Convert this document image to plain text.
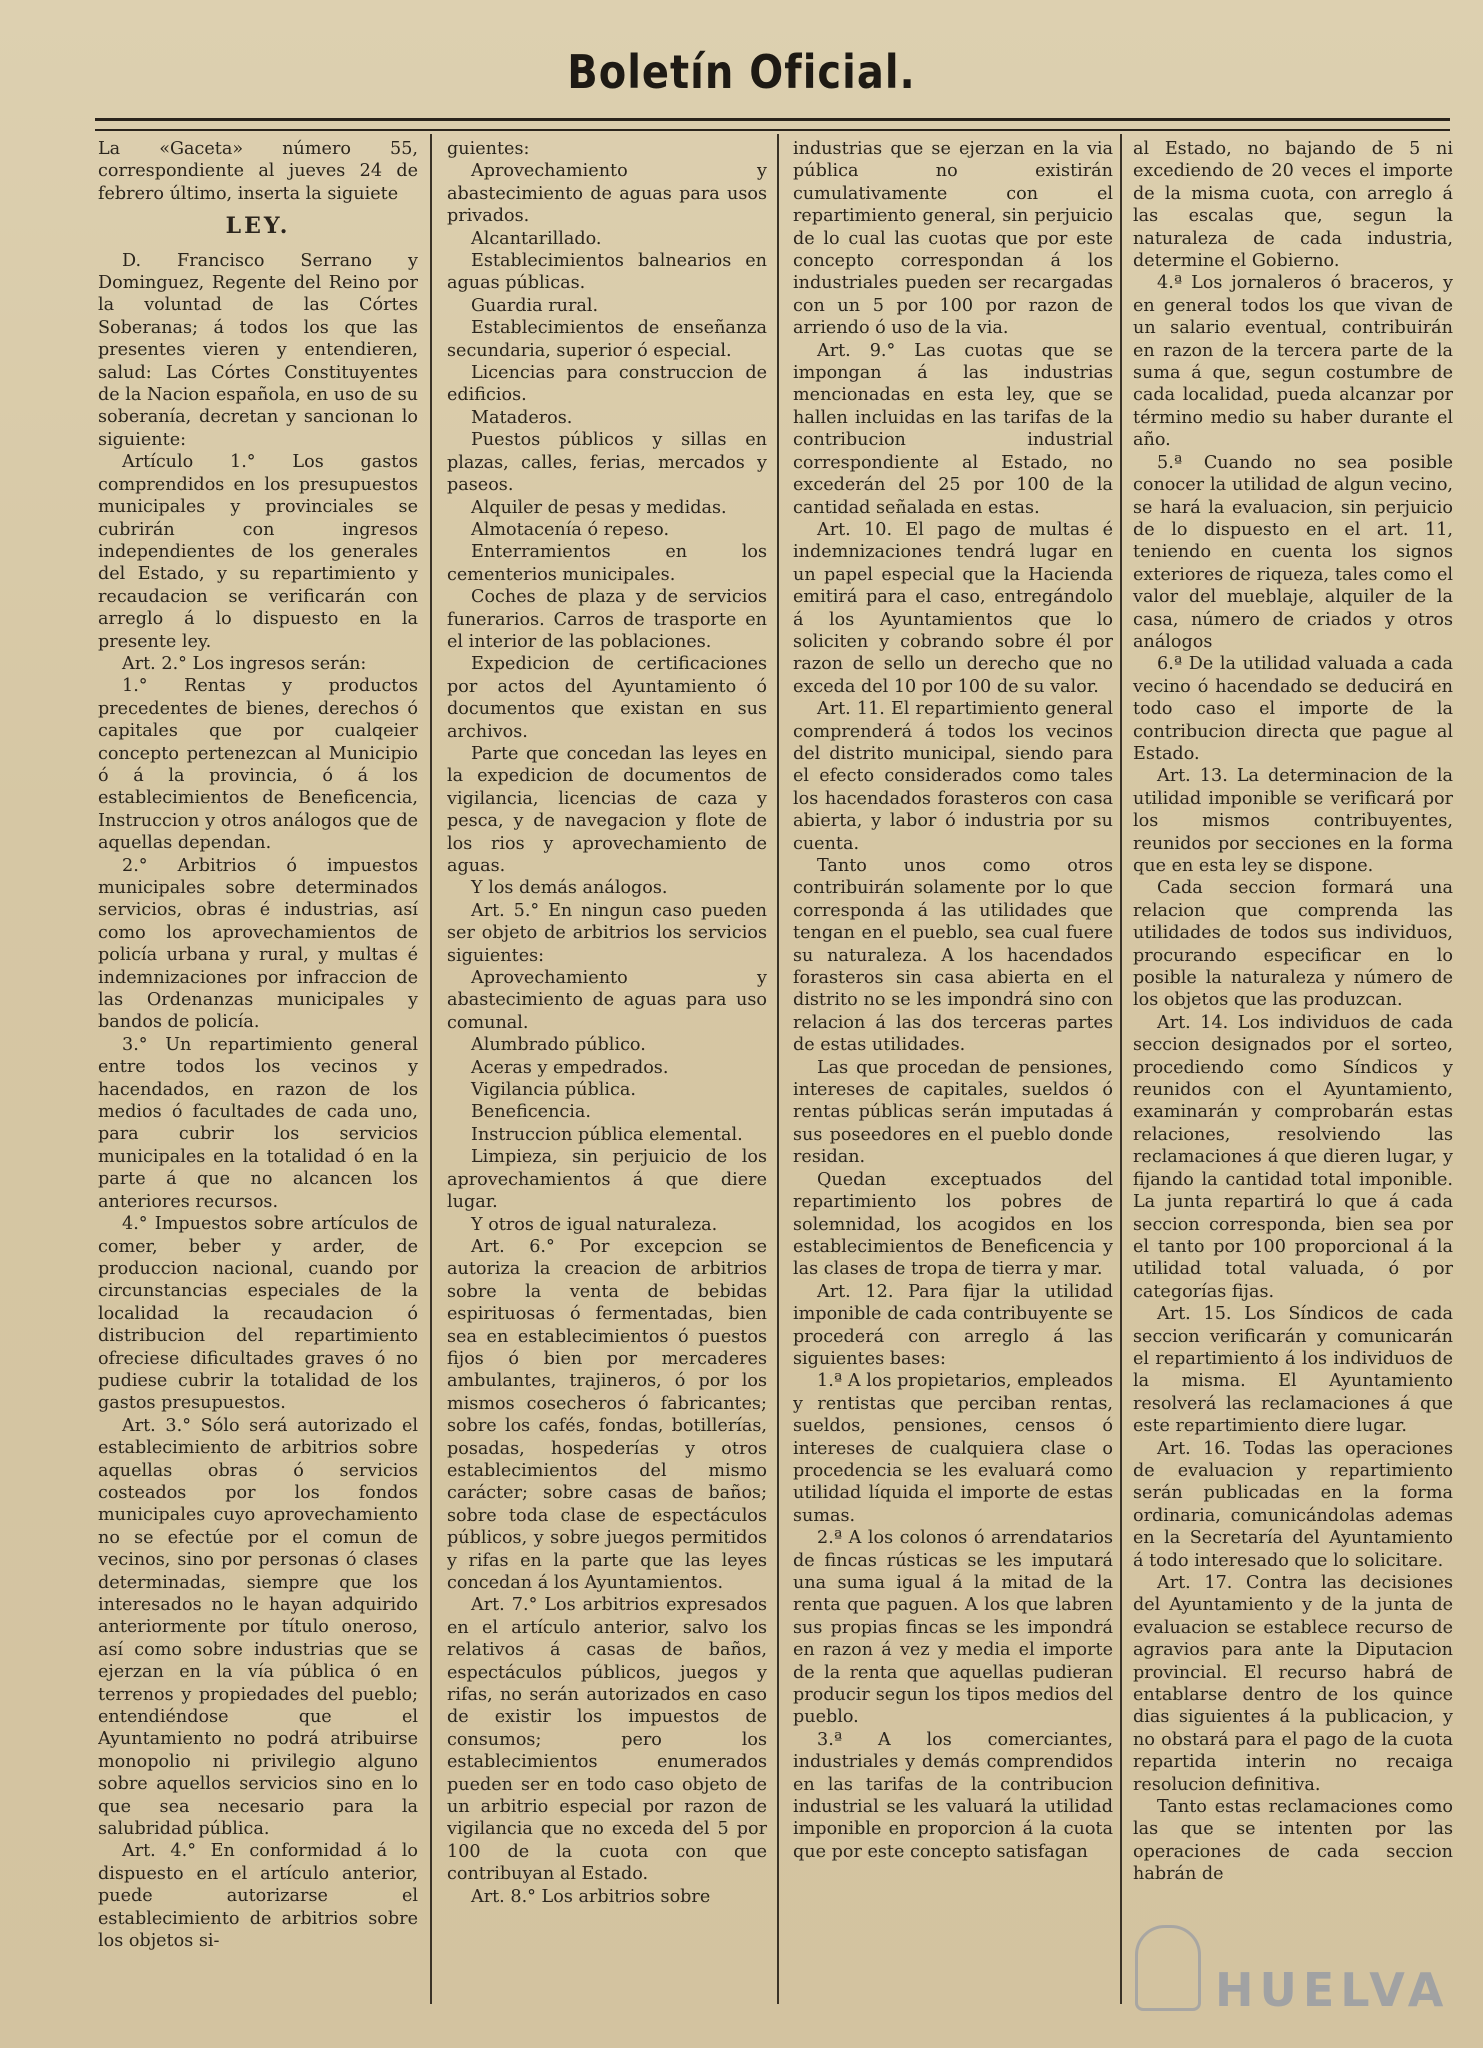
Boletín Oficial.

La «Gaceta» número 55, correspondiente al jueves 24 de febrero último, inserta la siguiete

LEY.

D. Francisco Serrano y Dominguez, Regente del Reino por la voluntad de las Córtes Soberanas; á todos los que las presentes vieren y entendieren, salud: Las Córtes Constituyentes de la Nacion española, en uso de su soberanía, decretan y sancionan lo siguiente:

Artículo 1.° Los gastos comprendidos en los presupuestos municipales y provinciales se cubrirán con ingresos independientes de los generales del Estado, y su repartimiento y recaudacion se verificarán con arreglo á lo dispuesto en la presente ley.

Art. 2.° Los ingresos serán:

1.° Rentas y productos precedentes de bienes, derechos ó capitales que por cualqeier concepto pertenezcan al Municipio ó á la provincia, ó á los establecimientos de Beneficencia, Instruccion y otros análogos que de aquellas dependan.

2.° Arbitrios ó impuestos municipales sobre determinados servicios, obras é industrias, así como los aprovechamientos de policía urbana y rural, y multas é indemnizaciones por infraccion de las Ordenanzas municipales y bandos de policía.

3.° Un repartimiento general entre todos los vecinos y hacendados, en razon de los medios ó facultades de cada uno, para cubrir los servicios municipales en la totalidad ó en la parte á que no alcancen los anteriores recursos.

4.° Impuestos sobre artículos de comer, beber y arder, de produccion nacional, cuando por circunstancias especiales de la localidad la recaudacion ó distribucion del repartimiento ofreciese dificultades graves ó no pudiese cubrir la totalidad de los gastos presupuestos.

Art. 3.° Sólo será autorizado el establecimiento de arbitrios sobre aquellas obras ó servicios costeados por los fondos municipales cuyo aprovechamiento no se efectúe por el comun de vecinos, sino por personas ó clases determinadas, siempre que los interesados no le hayan adquirido anteriormente por título oneroso, así como sobre industrias que se ejerzan en la vía pública ó en terrenos y propiedades del pueblo; entendiéndose que el Ayuntamiento no podrá atribuirse monopolio ni privilegio alguno sobre aquellos servicios sino en lo que sea necesario para la salubridad pública.

Art. 4.° En conformidad á lo dispuesto en el artículo anterior, puede autorizarse el establecimiento de arbitrios sobre los objetos si-

guientes:

Aprovechamiento y abastecimiento de aguas para usos privados.

Alcantarillado.

Establecimientos balnearios en aguas públicas.

Guardia rural.

Establecimientos de enseñanza secundaria, superior ó especial.

Licencias para construccion de edificios.

Mataderos.

Puestos públicos y sillas en plazas, calles, ferias, mercados y paseos.

Alquiler de pesas y medidas.

Almotacenía ó repeso.

Enterramientos en los cementerios municipales.

Coches de plaza y de servicios funerarios. Carros de trasporte en el interior de las poblaciones.

Expedicion de certificaciones por actos del Ayuntamiento ó documentos que existan en sus archivos.

Parte que concedan las leyes en la expedicion de documentos de vigilancia, licencias de caza y pesca, y de navegacion y flote de los rios y aprovechamiento de aguas.

Y los demás análogos.

Art. 5.° En ningun caso pueden ser objeto de arbitrios los servicios siguientes:

Aprovechamiento y abastecimiento de aguas para uso comunal.

Alumbrado público.

Aceras y empedrados.

Vigilancia pública.

Beneficencia.

Instruccion pública elemental.

Limpieza, sin perjuicio de los aprovechamientos á que diere lugar.

Y otros de igual naturaleza.

Art. 6.° Por excepcion se autoriza la creacion de arbitrios sobre la venta de bebidas espirituosas ó fermentadas, bien sea en establecimientos ó puestos fijos ó bien por mercaderes ambulantes, trajineros, ó por los mismos cosecheros ó fabricantes; sobre los cafés, fondas, botillerías, posadas, hospederías y otros establecimientos del mismo carácter; sobre casas de baños; sobre toda clase de espectáculos públicos, y sobre juegos permitidos y rifas en la parte que las leyes concedan á los Ayuntamientos.

Art. 7.° Los arbitrios expresados en el artículo anterior, salvo los relativos á casas de baños, espectáculos públicos, juegos y rifas, no serán autorizados en caso de existir los impuestos de consumos; pero los establecimientos enumerados pueden ser en todo caso objeto de un arbitrio especial por razon de vigilancia que no exceda del 5 por 100 de la cuota con que contribuyan al Estado.

Art. 8.° Los arbitrios sobre

industrias que se ejerzan en la via pública no existirán cumulativamente con el repartimiento general, sin perjuicio de lo cual las cuotas que por este concepto correspondan á los industriales pueden ser recargadas con un 5 por 100 por razon de arriendo ó uso de la via.

Art. 9.° Las cuotas que se impongan á las industrias mencionadas en esta ley, que se hallen incluidas en las tarifas de la contribucion industrial correspondiente al Estado, no excederán del 25 por 100 de la cantidad señalada en estas.

Art. 10. El pago de multas é indemnizaciones tendrá lugar en un papel especial que la Hacienda emitirá para el caso, entregándolo á los Ayuntamientos que lo soliciten y cobrando sobre él por razon de sello un derecho que no exceda del 10 por 100 de su valor.

Art. 11. El repartimiento general comprenderá á todos los vecinos del distrito municipal, siendo para el efecto considerados como tales los hacendados forasteros con casa abierta, y labor ó industria por su cuenta.

Tanto unos como otros contribuirán solamente por lo que corresponda á las utilidades que tengan en el pueblo, sea cual fuere su naturaleza. A los hacendados forasteros sin casa abierta en el distrito no se les impondrá sino con relacion á las dos terceras partes de estas utilidades.

Las que procedan de pensiones, intereses de capitales, sueldos ó rentas públicas serán imputadas á sus poseedores en el pueblo donde residan.

Quedan exceptuados del repartimiento los pobres de solemnidad, los acogidos en los establecimientos de Beneficencia y las clases de tropa de tierra y mar.

Art. 12. Para fijar la utilidad imponible de cada contribuyente se procederá con arreglo á las siguientes bases:

1.ª A los propietarios, empleados y rentistas que perciban rentas, sueldos, pensiones, censos ó intereses de cualquiera clase o procedencia se les evaluará como utilidad líquida el importe de estas sumas.

2.ª A los colonos ó arrendatarios de fincas rústicas se les imputará una suma igual á la mitad de la renta que paguen. A los que labren sus propias fincas se les impondrá en razon á vez y media el importe de la renta que aquellas pudieran producir segun los tipos medios del pueblo.

3.ª A los comerciantes, industriales y demás comprendidos en las tarifas de la contribucion industrial se les valuará la utilidad imponible en proporcion á la cuota que por este concepto satisfagan

al Estado, no bajando de 5 ni excediendo de 20 veces el importe de la misma cuota, con arreglo á las escalas que, segun la naturaleza de cada industria, determine el Gobierno.

4.ª Los jornaleros ó braceros, y en general todos los que vivan de un salario eventual, contribuirán en razon de la tercera parte de la suma á que, segun costumbre de cada localidad, pueda alcanzar por término medio su haber durante el año.

5.ª Cuando no sea posible conocer la utilidad de algun vecino, se hará la evaluacion, sin perjuicio de lo dispuesto en el art. 11, teniendo en cuenta los signos exteriores de riqueza, tales como el valor del mueblaje, alquiler de la casa, número de criados y otros análogos

6.ª De la utilidad valuada a cada vecino ó hacendado se deducirá en todo caso el importe de la contribucion directa que pague al Estado.

Art. 13. La determinacion de la utilidad imponible se verificará por los mismos contribuyentes, reunidos por secciones en la forma que en esta ley se dispone.

Cada seccion formará una relacion que comprenda las utilidades de todos sus individuos, procurando especificar en lo posible la naturaleza y número de los objetos que las produzcan.

Art. 14. Los individuos de cada seccion designados por el sorteo, procediendo como Síndicos y reunidos con el Ayuntamiento, examinarán y comprobarán estas relaciones, resolviendo las reclamaciones á que dieren lugar, y fijando la cantidad total imponible. La junta repartirá lo que á cada seccion corresponda, bien sea por el tanto por 100 proporcional á la utilidad total valuada, ó por categorías fijas.

Art. 15. Los Síndicos de cada seccion verificarán y comunicarán el repartimiento á los individuos de la misma. El Ayuntamiento resolverá las reclamaciones á que este repartimiento diere lugar.

Art. 16. Todas las operaciones de evaluacion y repartimiento serán publicadas en la forma ordinaria, comunicándolas ademas en la Secretaría del Ayuntamiento á todo interesado que lo solicitare.

Art. 17. Contra las decisiones del Ayuntamiento y de la junta de evaluacion se establece recurso de agravios para ante la Diputacion provincial. El recurso habrá de entablarse dentro de los quince dias siguientes á la publicacion, y no obstará para el pago de la cuota repartida interin no recaiga resolucion definitiva.

Tanto estas reclamaciones como las que se intenten por las operaciones de cada seccion habrán de

HUELVA
